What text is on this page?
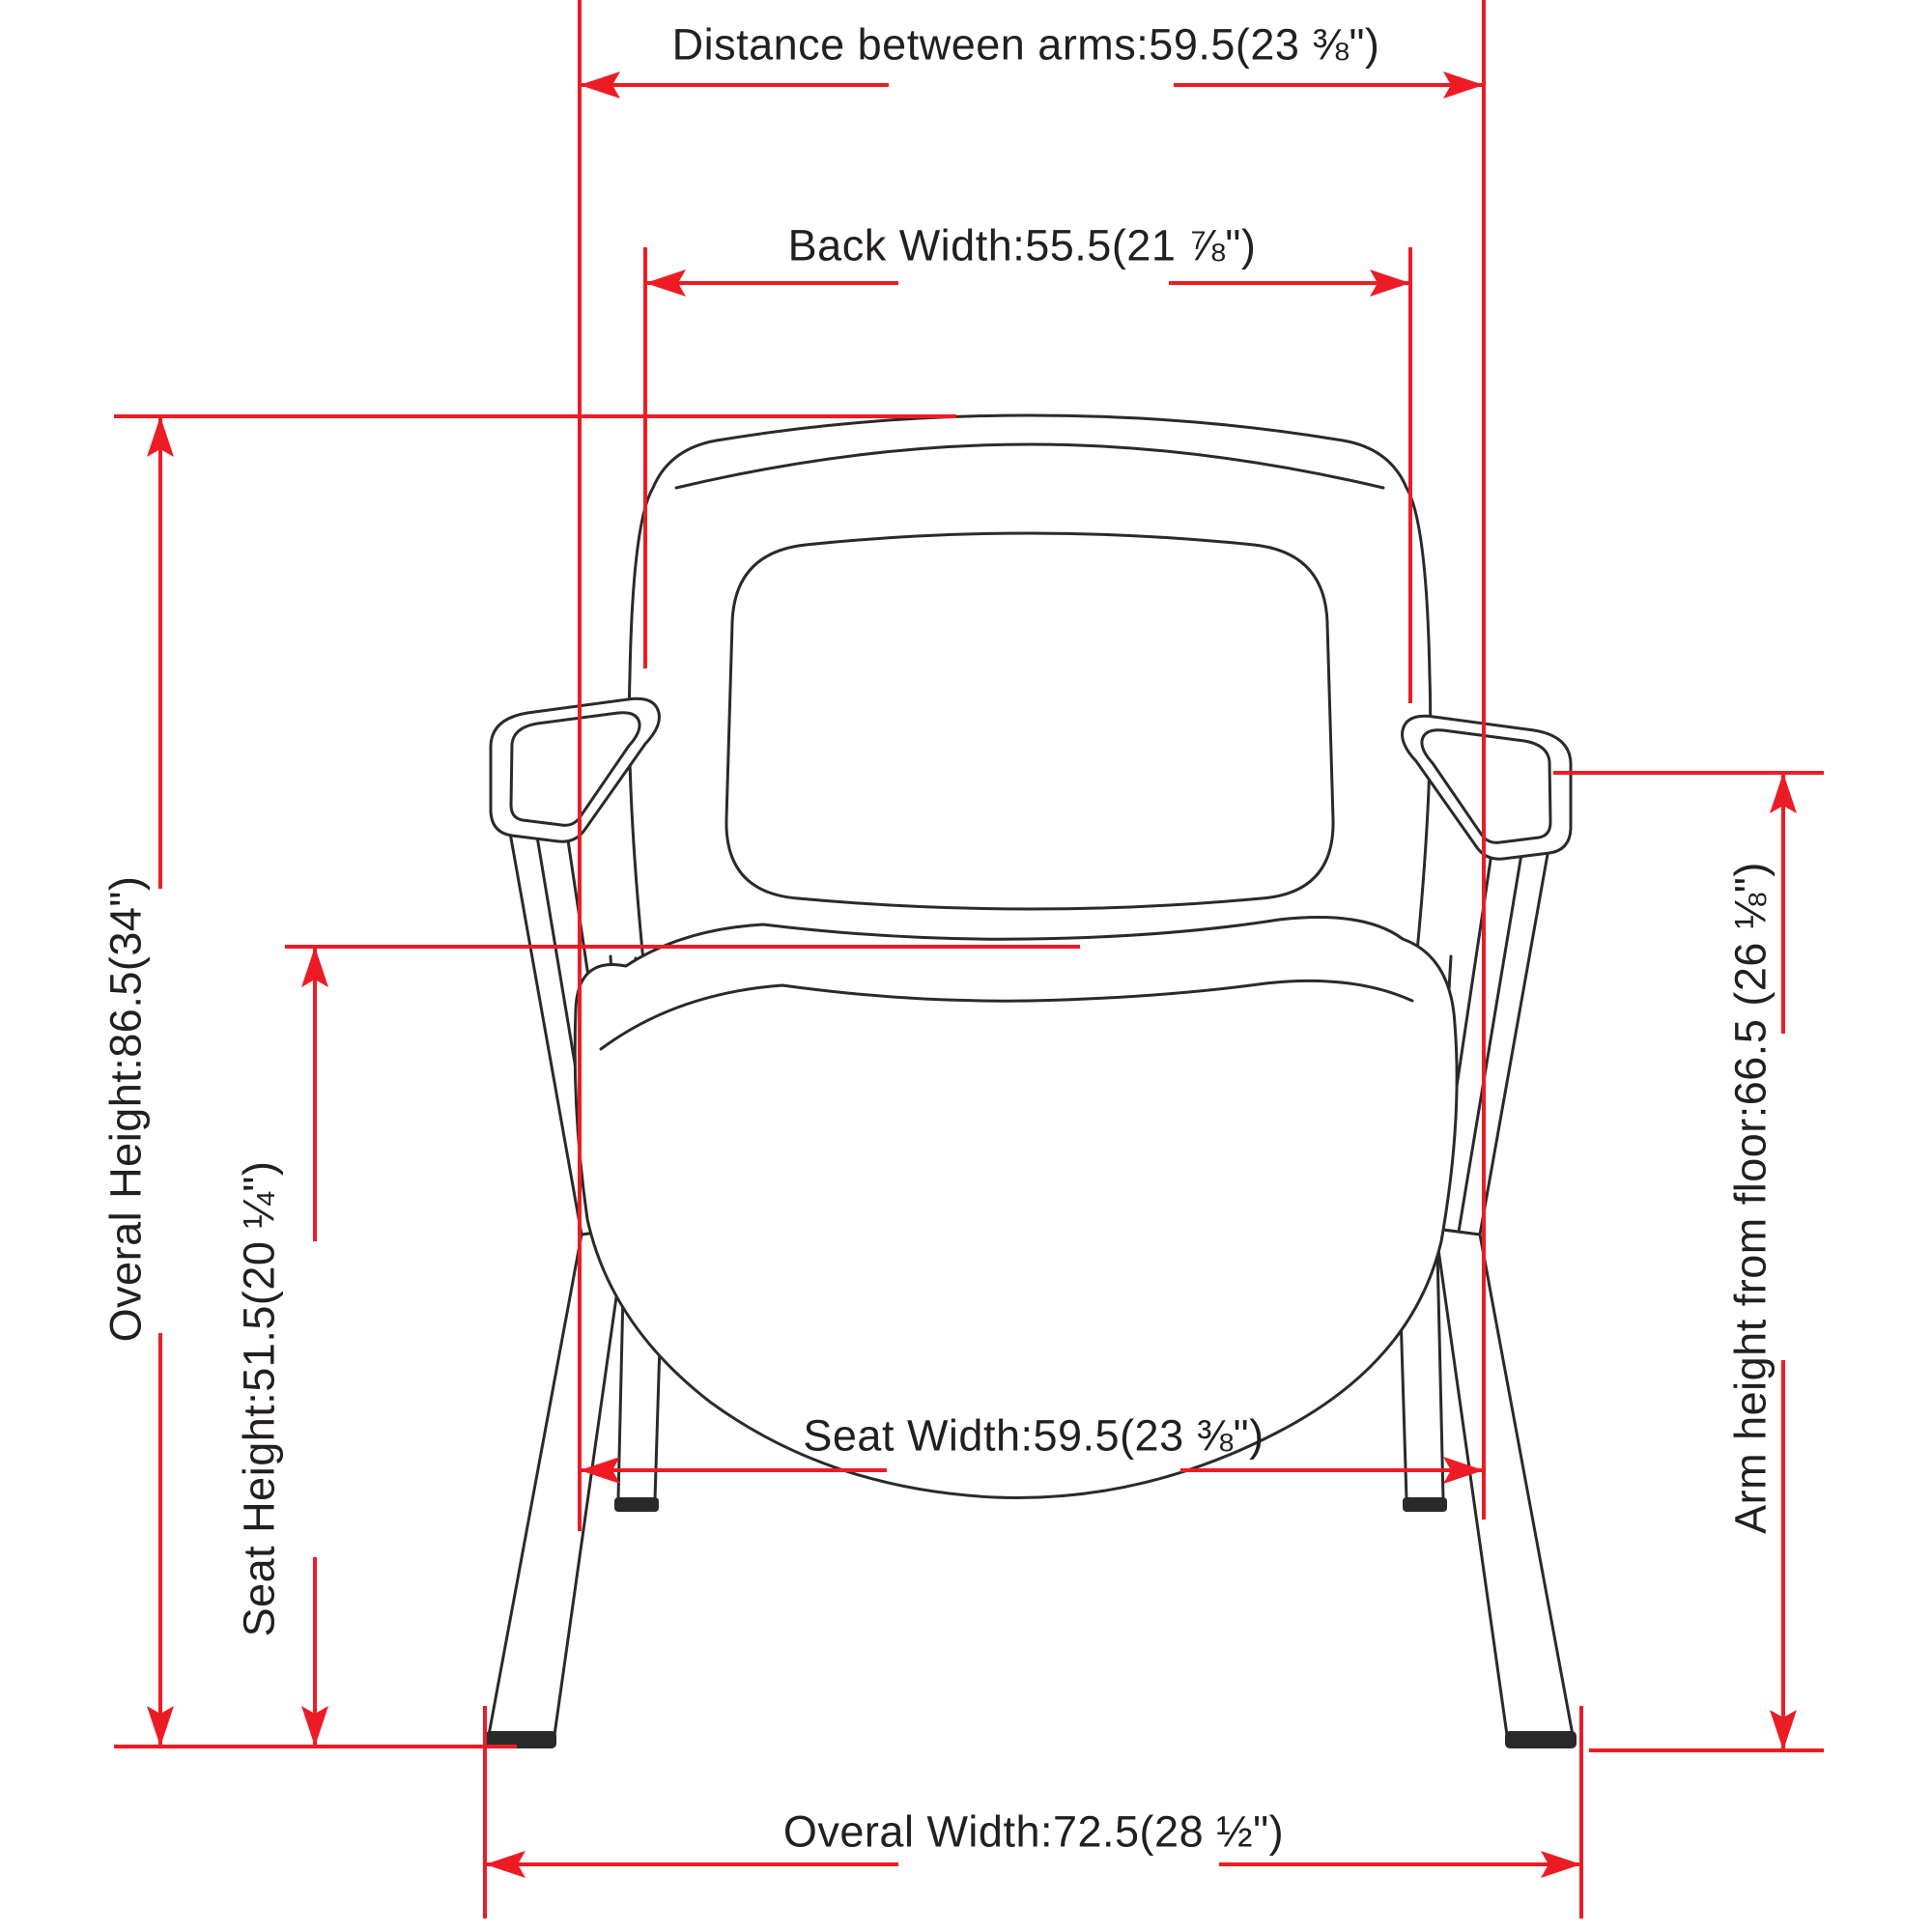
Distance between arms:59.5(23 ⅜")
Back Width:55.5(21 ⅞")
Overal Height:86.5(34")
Seat Height:51.5(20 ¼")	Seat Width:59.5(23 ⅜")	Arm height from floor:66.5 (26 ⅛")
Overal Width:72.5(28 ½")
